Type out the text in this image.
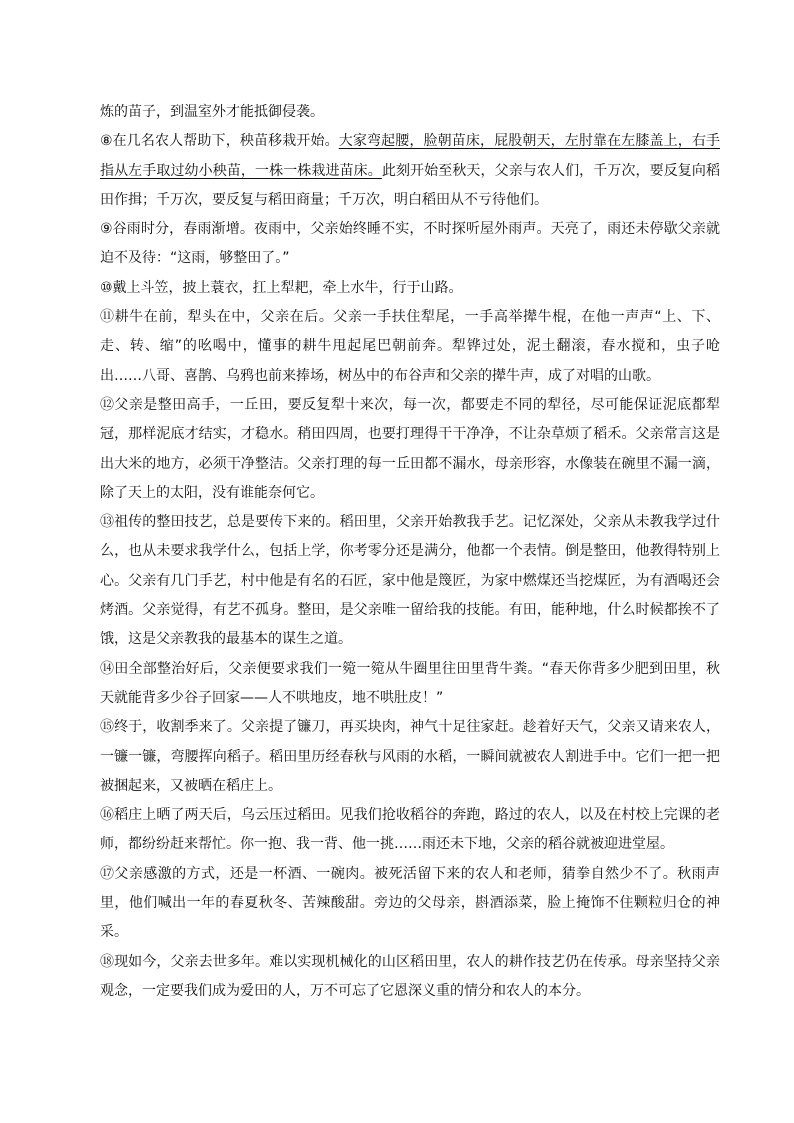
炼的苗子，到温室外才能抵御侵袭。

⑧在几名农人帮助下，秧苗移栽开始。大家弯起腰，脸朝苗床，屁股朝天，左肘靠在左膝盖上，右手指从左手取过幼小秧苗，一株一株栽进苗床。此刻开始至秋天，父亲与农人们，千万次，要反复向稻田作揖；千万次，要反复与稻田商量；千万次，明白稻田从不亏待他们。

⑨谷雨时分，春雨渐增。夜雨中，父亲始终睡不实，不时探听屋外雨声。天亮了，雨还未停歇父亲就迫不及待：“这雨，够整田了。”

⑩戴上斗笠，披上蓑衣，扛上犁耙，牵上水牛，行于山路。

⑪耕牛在前，犁头在中，父亲在后。父亲一手扶住犁尾，一手高举撵牛棍，在他一声声“上、下、走、转、缩”的吆喝中，懂事的耕牛甩起尾巴朝前奔。犁铧过处，泥土翻滚，春水搅和，虫子呛出……八哥、喜鹊、乌鸦也前来捧场，树丛中的布谷声和父亲的撵牛声，成了对唱的山歌。

⑫父亲是整田高手，一丘田，要反复犁十来次，每一次，都要走不同的犁径，尽可能保证泥底都犁冠，那样泥底才结实，才稳水。稍田四周，也要打理得干干净净，不让杂草烦了稻禾。父亲常言这是出大米的地方，必须干净整洁。父亲打理的每一丘田都不漏水，母亲形容，水像装在碗里不漏一滴，除了天上的太阳，没有谁能奈何它。

⑬祖传的整田技艺，总是要传下来的。稻田里，父亲开始教我手艺。记忆深处，父亲从未教我学过什么，也从未要求我学什么，包括上学，你考零分还是满分，他都一个表情。倒是整田，他教得特别上心。父亲有几门手艺，村中他是有名的石匠，家中他是篾匠，为家中燃煤还当挖煤匠，为有酒喝还会烤酒。父亲觉得，有艺不孤身。整田，是父亲唯一留给我的技能。有田，能种地，什么时候都挨不了饿，这是父亲教我的最基本的谋生之道。

⑭田全部整治好后，父亲便要求我们一箢一箢从牛圈里往田里背牛粪。“春天你背多少肥到田里，秋天就能背多少谷子回家——人不哄地皮，地不哄肚皮！”

⑮终于，收割季来了。父亲提了镰刀，再买块肉，神气十足往家赶。趁着好天气，父亲又请来农人，一镰一镰，弯腰挥向稻子。稻田里历经春秋与风雨的水稻，一瞬间就被农人割进手中。它们一把一把被捆起来，又被晒在稻庄上。

⑯稻庄上晒了两天后，乌云压过稻田。见我们抢收稻谷的奔跑，路过的农人，以及在村校上完课的老师，都纷纷赶来帮忙。你一抱、我一背、他一挑……雨还未下地，父亲的稻谷就被迎进堂屋。

⑰父亲感激的方式，还是一杯酒、一碗肉。被死活留下来的农人和老师，猜拳自然少不了。秋雨声里，他们喊出一年的春夏秋冬、苦辣酸甜。旁边的父母亲，斟酒添菜，脸上掩饰不住颗粒归仓的神采。

⑱现如今，父亲去世多年。难以实现机械化的山区稻田里，农人的耕作技艺仍在传承。母亲坚持父亲观念，一定要我们成为爱田的人，万不可忘了它恩深义重的情分和农人的本分。
